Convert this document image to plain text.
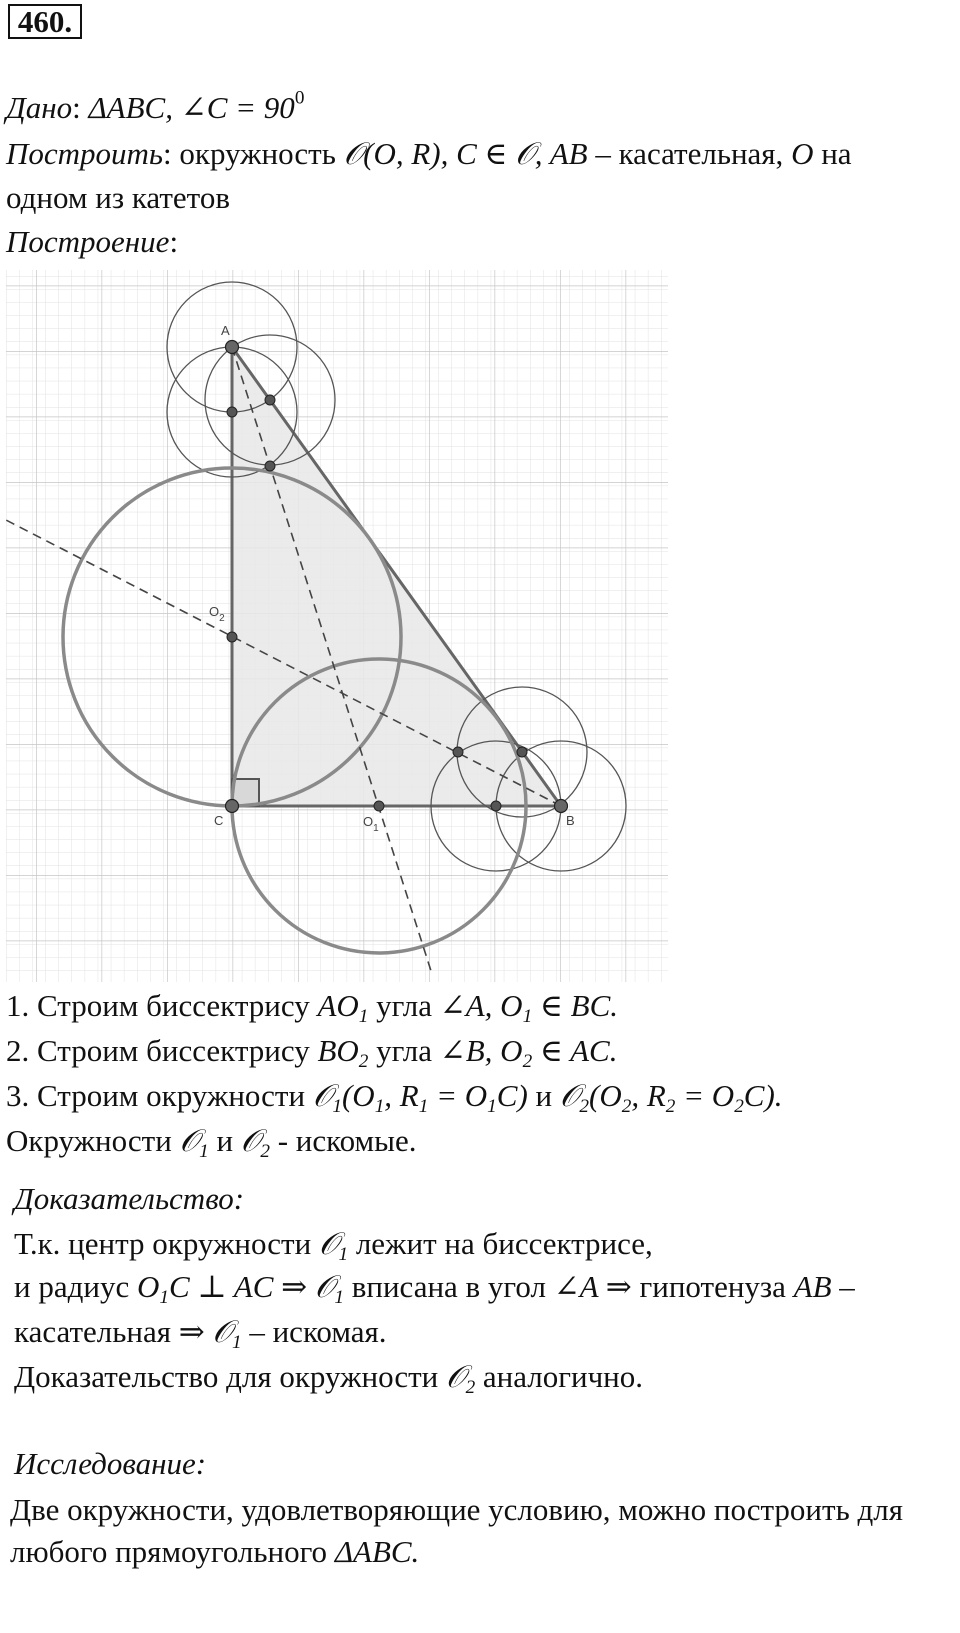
460.
Дано: ΔABC, ∠C = $90^0$
Построить: окружность 𝒪(O, R), C ∈ 𝒪, AB – касательная, O на
одном из катетов
Построение:
A
C	B
$O_1$
$O_2$
1. Строим биссектрису $AO_1$ угла ∠A, $O_1$ ∈ BC.
2. Строим биссектрису $BO_2$ угла ∠B, $O_2$ ∈ AC.
3. Строим окружности $𝒪_1(O_1$, $R_1 = O_1C$) и $𝒪_2(O_2$, $R_2 = O_2C$).
Окружности 𝒪$_1$ и 𝒪$_2$ - искомые.
Доказательство:
Т.к. центр окружности 𝒪$_1$ лежит на биссектрисе,
и радиус $O_1C$ ⊥ AC ⇒ 𝒪$_1$ вписана в угол ∠A ⇒ гипотенуза AB –
касательная ⇒ 𝒪$_1$ – искомая.
Доказательство для окружности 𝒪$_2$ аналогично.
Исследование:
Две окружности, удовлетворяющие условию, можно построить для
любого прямоугольного ΔABC.
